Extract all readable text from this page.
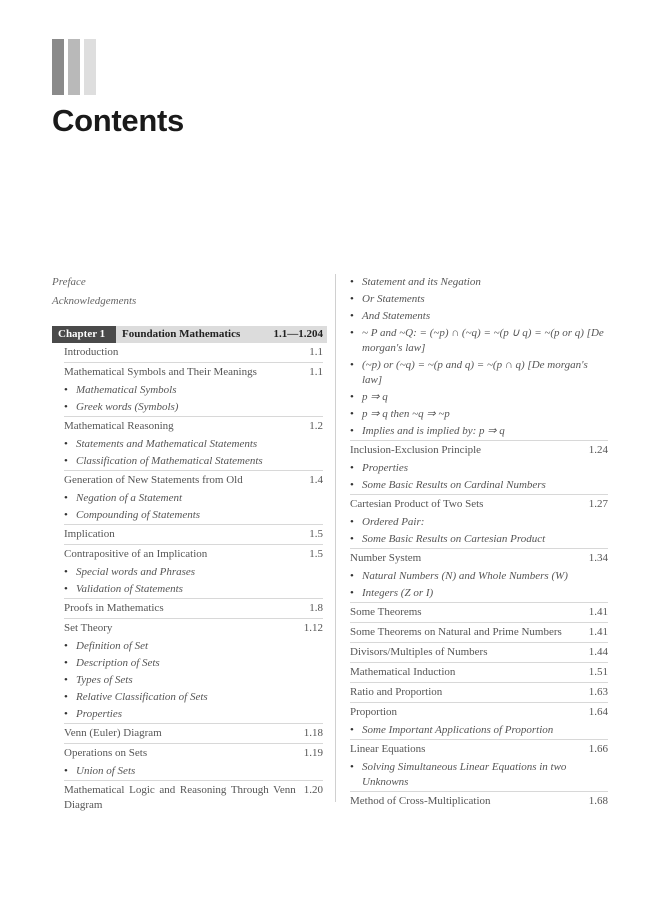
Contents
Preface
Acknowledgements
Chapter 1	Foundation Mathematics	1.1—1.204
Introduction	1.1
Mathematical Symbols and Their Meanings	1.1
• Mathematical Symbols
• Greek words (Symbols)
Mathematical Reasoning	1.2
• Statements and Mathematical Statements
• Classification of Mathematical Statements
Generation of New Statements from Old	1.4
• Negation of a Statement
• Compounding of Statements
Implication	1.5
Contrapositive of an Implication	1.5
• Special words and Phrases
• Validation of Statements
Proofs in Mathematics	1.8
Set Theory	1.12
• Definition of Set
• Description of Sets
• Types of Sets
• Relative Classification of Sets
• Properties
Venn (Euler) Diagram	1.18
Operations on Sets	1.19
• Union of Sets
Mathematical Logic and Reasoning Through Venn Diagram
1.20
• Statement and its Negation
• Or Statements
• And Statements
• ~ P and ~Q: = (~p) ∩ (~q) = ~(p ∪ q) = ~(p or q) [De morgan's law]
• (~p) or (~q) = ~(p and q) = ~(p ∩ q) [De morgan's law]
• p ⇒ q
• p ⇒ q then ~q ⇒ ~p
• Implies and is implied by: p ⇒ q
Inclusion-Exclusion Principle	1.24
• Properties
• Some Basic Results on Cardinal Numbers
Cartesian Product of Two Sets	1.27
• Ordered Pair:
• Some Basic Results on Cartesian Product
Number System	1.34
• Natural Numbers (N) and Whole Numbers (W)
• Integers (Z or I)
Some Theorems	1.41
Some Theorems on Natural and Prime Numbers 1.41
Divisors/Multiples of Numbers	1.44
Mathematical Induction	1.51
Ratio and Proportion	1.63
Proportion	1.64
• Some Important Applications of Proportion
Linear Equations	1.66
• Solving Simultaneous Linear Equations in two Unknowns
Method of Cross-Multiplication	1.68
